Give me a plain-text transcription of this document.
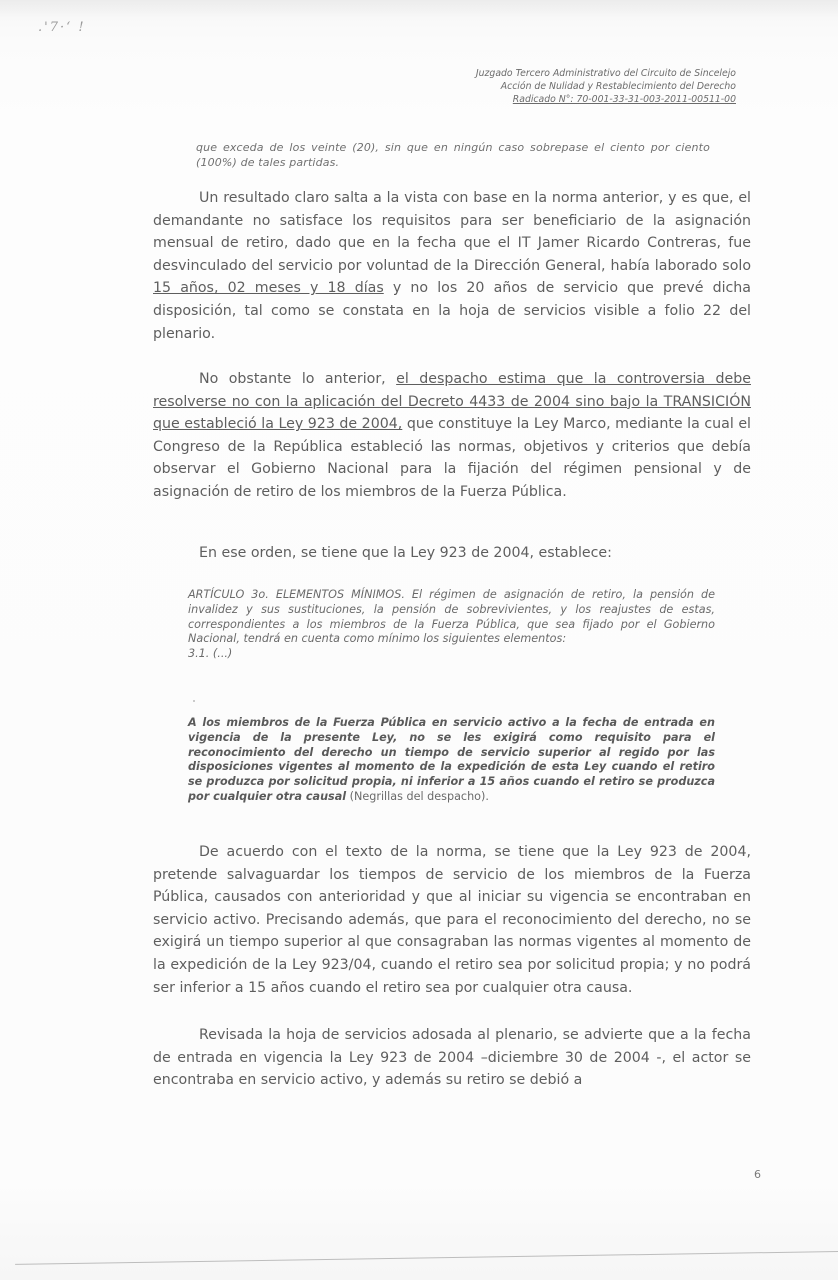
.'7·ʻ !
Juzgado Tercero Administrativo del Circuito de Sincelejo
Acción de Nulidad y Restablecimiento del Derecho
Radicado N°: 70-001-33-31-003-2011-00511-00
que exceda de los veinte (20), sin que en ningún caso sobrepase el ciento por ciento (100%) de tales partidas.
Un resultado claro salta a la vista con base en la norma anterior, y es que, el demandante no satisface los requisitos para ser beneficiario de la asignación mensual de retiro, dado que en la fecha que el IT Jamer Ricardo Contreras, fue desvinculado del servicio por voluntad de la Dirección General, había laborado solo 15 años, 02 meses y 18 días y no los 20 años de servicio que prevé dicha disposición, tal como se constata en la hoja de servicios visible a folio 22 del plenario.
No obstante lo anterior, el despacho estima que la controversia debe resolverse no con la aplicación del Decreto 4433 de 2004 sino bajo la TRANSICIÓN que estableció la Ley 923 de 2004, que constituye la Ley Marco, mediante la cual el Congreso de la República estableció las normas, objetivos y criterios que debía observar el Gobierno Nacional para la fijación del régimen pensional y de asignación de retiro de los miembros de la Fuerza Pública.
En ese orden, se tiene que la Ley 923 de 2004, establece:
ARTÍCULO 3o. ELEMENTOS MÍNIMOS. El régimen de asignación de retiro, la pensión de invalidez y sus sustituciones, la pensión de sobrevivientes, y los reajustes de estas, correspondientes a los miembros de la Fuerza Pública, que sea fijado por el Gobierno Nacional, tendrá en cuenta como mínimo los siguientes elementos:
3.1. (...)
A los miembros de la Fuerza Pública en servicio activo a la fecha de entrada en vigencia de la presente Ley, no se les exigirá como requisito para el reconocimiento del derecho un tiempo de servicio superior al regido por las disposiciones vigentes al momento de la expedición de esta Ley cuando el retiro se produzca por solicitud propia, ni inferior a 15 años cuando el retiro se produzca por cualquier otra causal (Negrillas del despacho).
De acuerdo con el texto de la norma, se tiene que la Ley 923 de 2004, pretende salvaguardar los tiempos de servicio de los miembros de la Fuerza Pública, causados con anterioridad y que al iniciar su vigencia se encontraban en servicio activo. Precisando además, que para el reconocimiento del derecho, no se exigirá un tiempo superior al que consagraban las normas vigentes al momento de la expedición de la Ley 923/04, cuando el retiro sea por solicitud propia; y no podrá ser inferior a 15 años cuando el retiro sea por cualquier otra causa.
Revisada la hoja de servicios adosada al plenario, se advierte que a la fecha de entrada en vigencia la Ley 923 de 2004 –diciembre 30 de 2004 -, el actor se encontraba en servicio activo, y además su retiro se debió a
6
